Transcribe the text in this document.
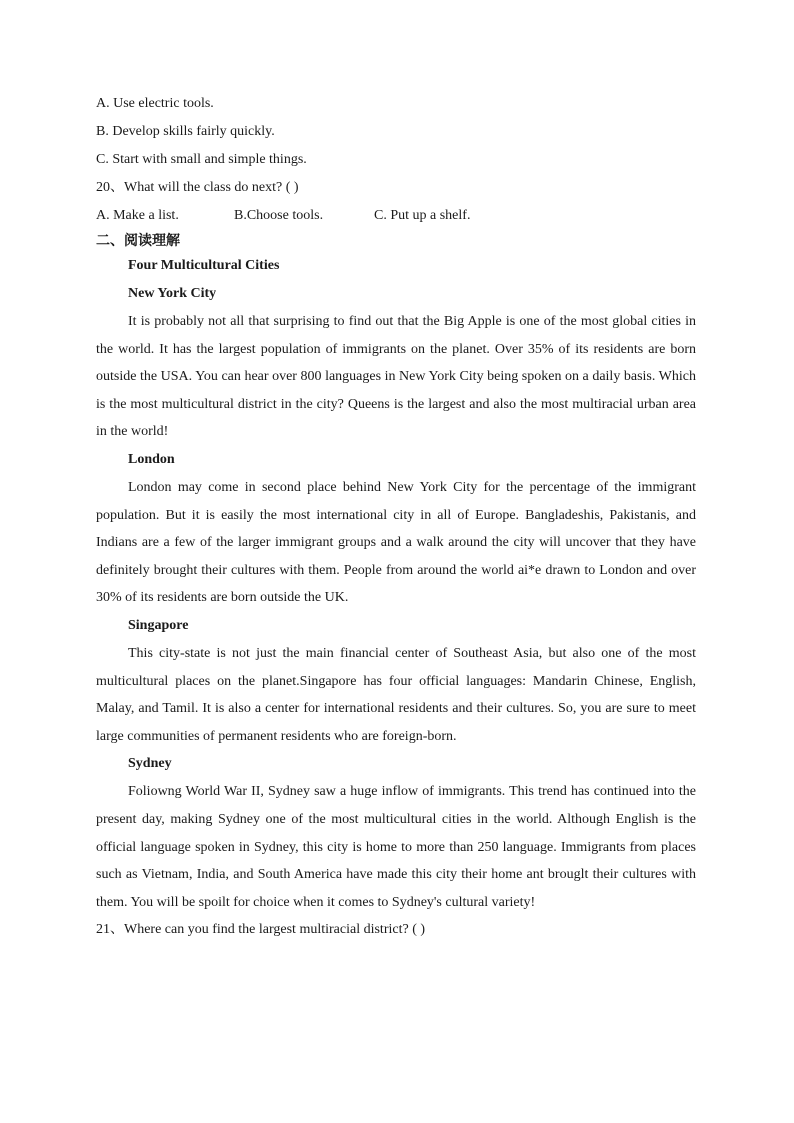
A. Use electric tools.
B. Develop skills fairly quickly.
C. Start with small and simple things.
20、What will the class do next? ( )
A. Make a list.	B.Choose tools.	C. Put up a shelf.
二、阅读理解
Four Multicultural Cities
New York City

It is probably not all that surprising to find out that the Big Apple is one of the most global cities in the world. It has the largest population of immigrants on the planet. Over 35% of its residents are born outside the USA. You can hear over 800 languages in New York City being spoken on a daily basis. Which is the most multicultural district in the city? Queens is the largest and also the most multiracial urban area in the world!

London

London may come in second place behind New York City for the percentage of the immigrant population. But it is easily the most international city in all of Europe. Bangladeshis, Pakistanis, and Indians are a few of the larger immigrant groups and a walk around the city will uncover that they have definitely brought their cultures with them. People from around the world ai*e drawn to London and over 30% of its residents are born outside the UK.

Singapore

This city-state is not just the main financial center of Southeast Asia, but also one of the most multicultural places on the planet.Singapore has four official languages: Mandarin Chinese, English, Malay, and Tamil. It is also a center for international residents and their cultures. So, you are sure to meet large communities of permanent residents who are foreign-born.

Sydney

Foliowng World War II, Sydney saw a huge inflow of immigrants. This trend has continued into the present day, making Sydney one of the most multicultural cities in the world. Although English is the official language spoken in Sydney, this city is home to more than 250 language. Immigrants from places such as Vietnam, India, and South America have made this city their home ant brouglt their cultures with them. You will be spoilt for choice when it comes to Sydney's cultural variety!

21、Where can you find the largest multiracial district? ( )
